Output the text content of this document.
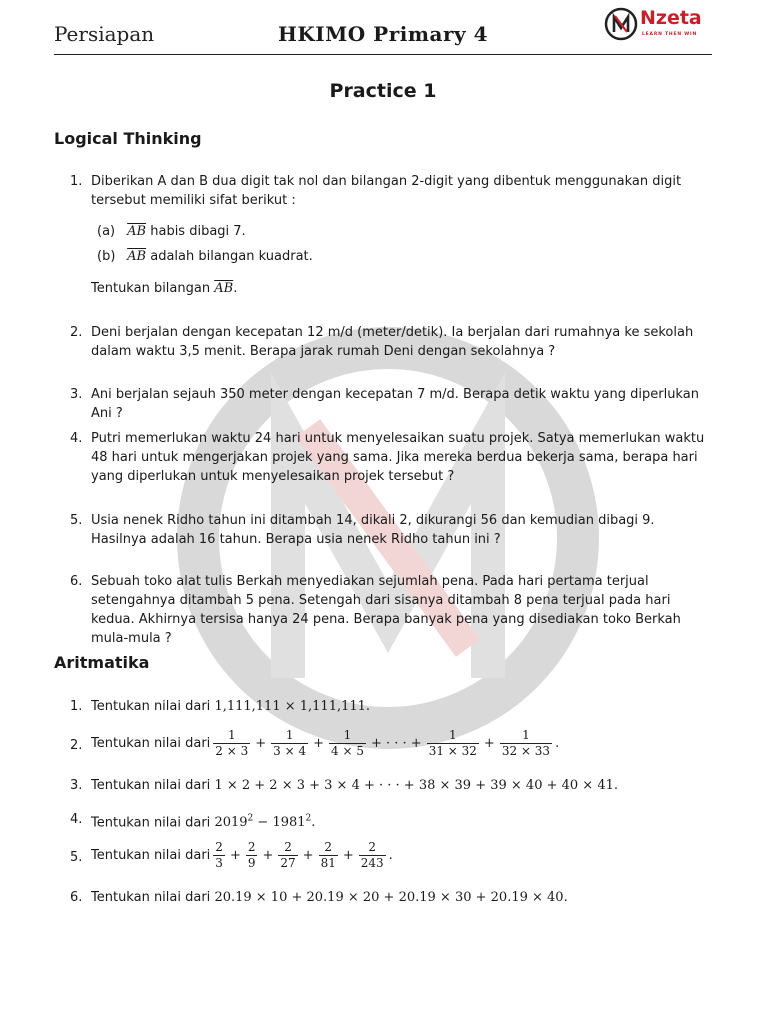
Persiapan	HKIMO Primary 4
Nzeta
LEARN THEN WIN
Practice 1
Logical Thinking
1. Diberikan A dan B dua digit tak nol dan bilangan 2-digit yang dibentuk menggunakan digit tersebut memiliki sifat berikut :
(a) $\overline{AB}$ habis dibagi 7.
(b) $\overline{AB}$ adalah bilangan kuadrat.
Tentukan bilangan $\overline{AB}$.
2. Deni berjalan dengan kecepatan 12 m/d (meter/detik). Ia berjalan dari rumahnya ke sekolah dalam waktu 3,5 menit. Berapa jarak rumah Deni dengan sekolahnya ?
3. Ani berjalan sejauh 350 meter dengan kecepatan 7 m/d. Berapa detik waktu yang diperlukan Ani ?
4. Putri memerlukan waktu 24 hari untuk menyelesaikan suatu projek. Satya memerlukan waktu 48 hari untuk mengerjakan projek yang sama. Jika mereka berdua bekerja sama, berapa hari yang diperlukan untuk menyelesaikan projek tersebut ?
5. Usia nenek Ridho tahun ini ditambah 14, dikali 2, dikurangi 56 dan kemudian dibagi 9. Hasilnya adalah 16 tahun. Berapa usia nenek Ridho tahun ini ?
6. Sebuah toko alat tulis Berkah menyediakan sejumlah pena. Pada hari pertama terjual setengahnya ditambah 5 pena. Setengah dari sisanya ditambah 8 pena terjual pada hari kedua. Akhirnya tersisa hanya 24 pena. Berapa banyak pena yang disediakan toko Berkah mula-mula ?
Aritmatika
1. Tentukan nilai dari 1,111,111 × 1,111,111.
2. Tentukan nilai dari $\frac{1}{2 \times 3} + \frac{1}{3 \times 4} + \frac{1}{4 \times 5}$ + · · · + $\frac{1}{31 \times 32} + \frac{1}{32 \times 33}$ .
3. Tentukan nilai dari 1 × 2 + 2 × 3 + 3 × 4 + · · · + 38 × 39 + 39 × 40 + 40 × 41.
4. Tentukan nilai dari $2019^2 - 1981^2$.
5. Tentukan nilai dari $\frac{2}{3} + \frac{2}{9} + \frac{2}{27} + \frac{2}{81} + \frac{2}{243}$ .
6. Tentukan nilai dari 20.19 × 10 + 20.19 × 20 + 20.19 × 30 + 20.19 × 40.
